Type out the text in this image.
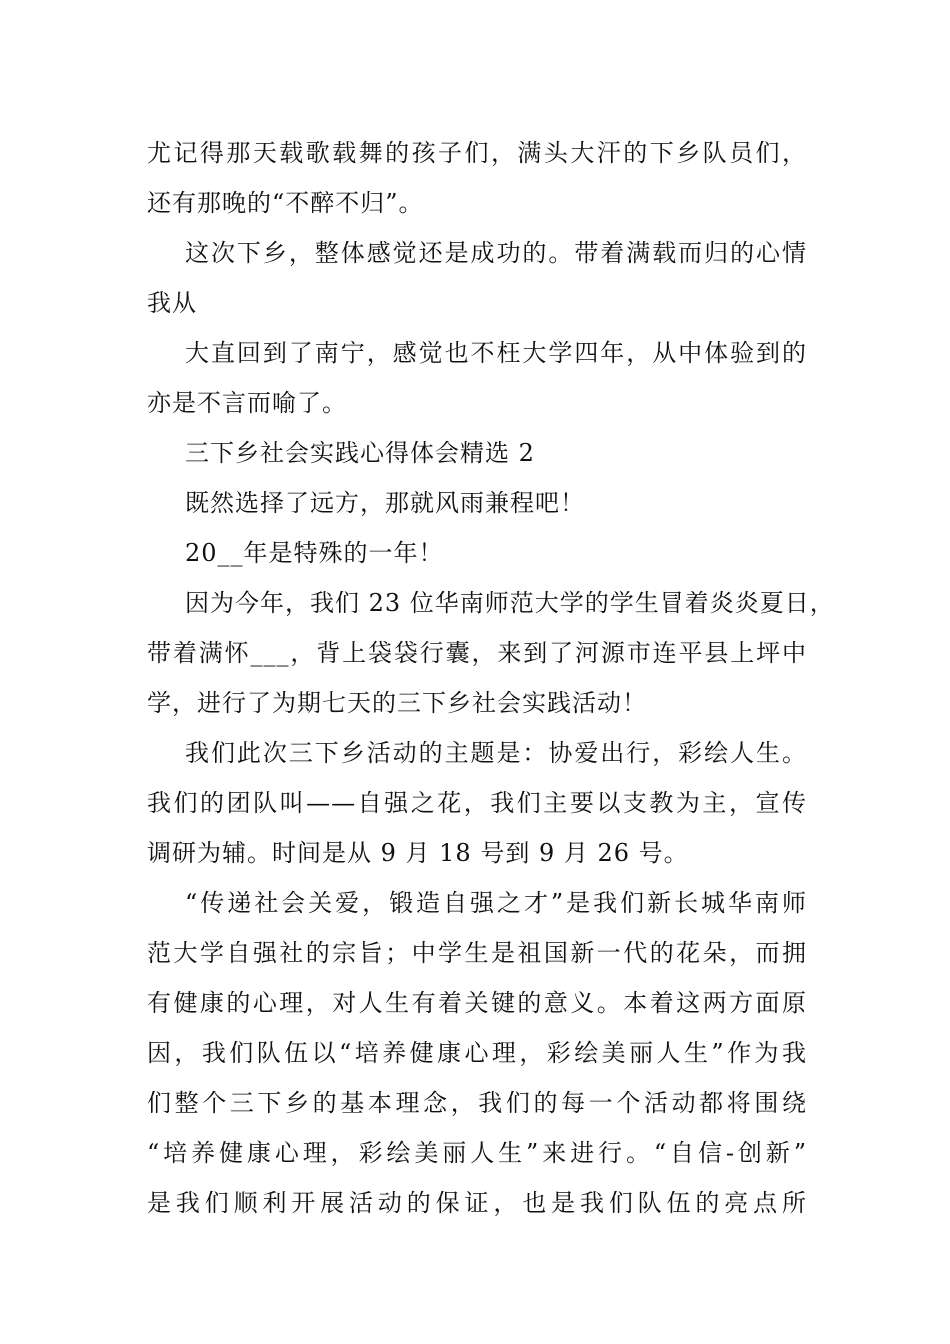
尤记得那天载歌载舞的孩子们，满头大汗的下乡队员们，
还有那晚的“不醉不归”。
这次下乡，整体感觉还是成功的。带着满载而归的心情
我从
大直回到了南宁，感觉也不枉大学四年，从中体验到的
亦是不言而喻了。
三下乡社会实践心得体会精选 2
既然选择了远方，那就风雨兼程吧！
20__年是特殊的一年！
因为今年，我们 23 位华南师范大学的学生冒着炎炎夏日，
带着满怀___，背上袋袋行囊，来到了河源市连平县上坪中
学，进行了为期七天的三下乡社会实践活动！
我们此次三下乡活动的主题是：协爱出行，彩绘人生。
我们的团队叫——自强之花，我们主要以支教为主，宣传
调研为辅。时间是从 9 月 18 号到 9 月 26 号。
“传递社会关爱，锻造自强之才”是我们新长城华南师
范大学自强社的宗旨；中学生是祖国新一代的花朵，而拥
有健康的心理，对人生有着关键的意义。本着这两方面原
因，我们队伍以“培养健康心理，彩绘美丽人生”作为我
们整个三下乡的基本理念，我们的每一个活动都将围绕
“培养健康心理，彩绘美丽人生”来进行。“自信-创新”
是我们顺利开展活动的保证，也是我们队伍的亮点所
